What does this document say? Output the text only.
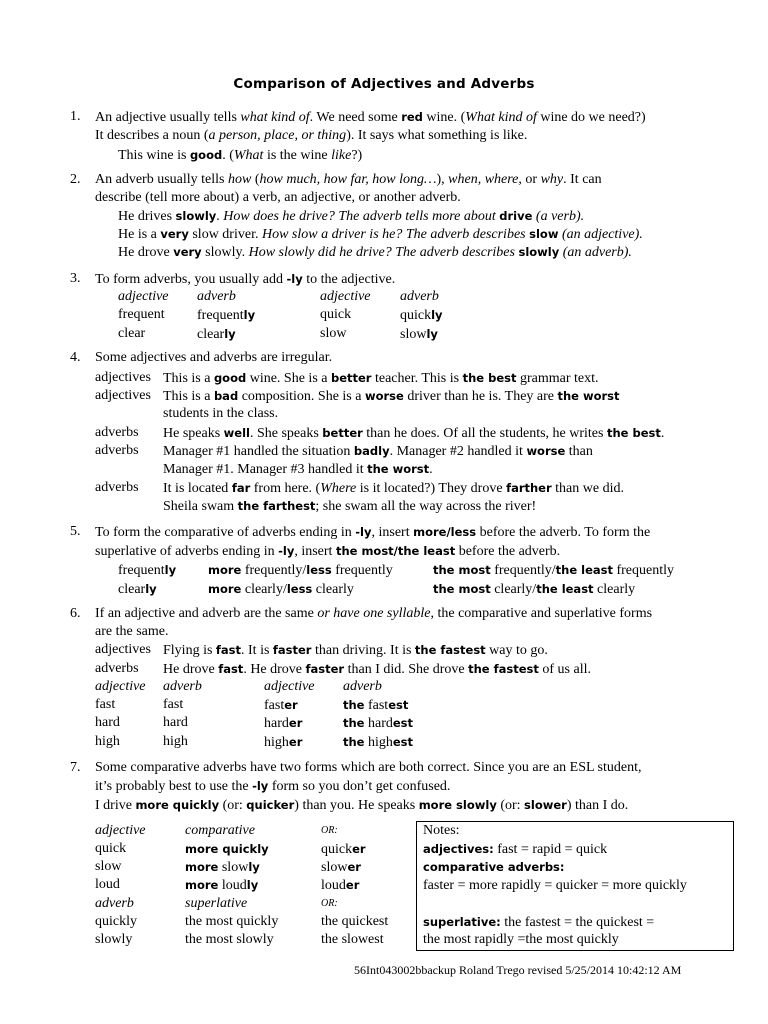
Comparison of Adjectives and Adverbs
1. An adjective usually tells what kind of. We need some red wine. (What kind of wine do we need?)
It describes a noun (a person, place, or thing). It says what something is like.
This wine is good. (What is the wine like?)
2. An adverb usually tells how (how much, how far, how long…), when, where, or why. It can
describe (tell more about) a verb, an adjective, or another adverb.
He drives slowly. How does he drive? The adverb tells more about drive (a verb).
He is a very slow driver. How slow a driver is he? The adverb describes slow (an adjective).
He drove very slowly. How slowly did he drive? The adverb describes slowly (an adverb).
3. To form adverbs, you usually add -ly to the adjective.
adjective adverb	adjective adverb
frequent frequently	quick	quickly
clear	clearly	slow	slowly
4. Some adjectives and adverbs are irregular.
adjectives This is a good wine. She is a better teacher. This is the best grammar text.
adjectives This is a bad composition. She is a worse driver than he is. They are the worst
students in the class.
adverbs He speaks well. She speaks better than he does. Of all the students, he writes the best.
adverbs Manager #1 handled the situation badly. Manager #2 handled it worse than
Manager #1. Manager #3 handled it the worst.
adverbs It is located far from here. (Where is it located?) They drove farther than we did.
Sheila swam the farthest; she swam all the way across the river!
5. To form the comparative of adverbs ending in -ly, insert more/less before the adverb. To form the
superlative of adverbs ending in -ly, insert the most/the least before the adverb.
frequently	more frequently/less frequently	the most frequently/the least frequently
clearly	more clearly/less clearly	the most clearly/the least clearly
6. If an adjective and adverb are the same or have one syllable, the comparative and superlative forms
are the same.
adjectives Flying is fast. It is faster than driving. It is the fastest way to go.
adverbs He drove fast. He drove faster than I did. She drove the fastest of us all.
adjective adverb	adjective adverb
fast	fast	faster	the fastest
hard	hard	harder	the hardest
high	high	higher	the highest
7. Some comparative adverbs have two forms which are both correct. Since you are an ESL student,
it’s probably best to use the -ly form so you don’t get confused.
I drive more quickly (or: quicker) than you. He speaks more slowly (or: slower) than I do.
adjective	comparative	OR:
quick	more quickly	quicker
slow	more slowly	slower
loud	more loudly	louder
adverb	superlative	OR:
quickly	the most quickly	the quickest
slowly	the most slowly	the slowest
Notes:
adjectives: fast = rapid = quick
comparative adverbs:
faster = more rapidly = quicker = more quickly
superlative: the fastest = the quickest =
the most rapidly =the most quickly
56Int043002bbackup Roland Trego revised 5/25/2014 10:42:12 AM
